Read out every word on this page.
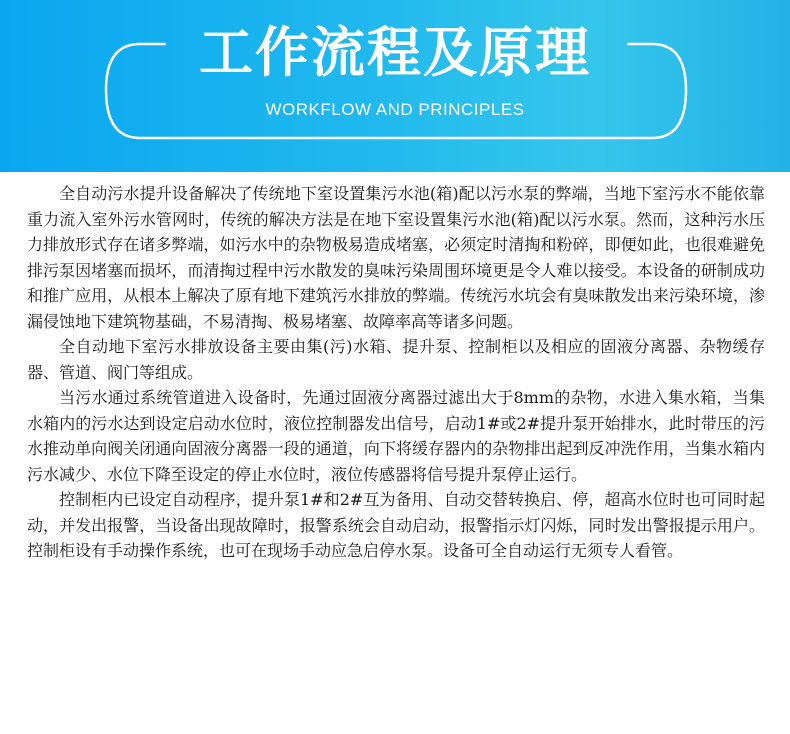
工作流程及原理
WORKFLOW AND PRINCIPLES

全自动污水提升设备解决了传统地下室设置集污水池(箱)配以污水泵的弊端，当地下室污水不能依靠重力流入室外污水管网时，传统的解决方法是在地下室设置集污水池(箱)配以污水泵。然而，这种污水压力排放形式存在诸多弊端，如污水中的杂物极易造成堵塞，必须定时清掏和粉碎，即便如此，也很难避免排污泵因堵塞而损坏，而清掏过程中污水散发的臭味污染周围环境更是令人难以接受。本设备的研制成功和推广应用，从根本上解决了原有地下建筑污水排放的弊端。传统污水坑会有臭味散发出来污染环境，渗漏侵蚀地下建筑物基础，不易清掏、极易堵塞、故障率高等诸多问题。

全自动地下室污水排放设备主要由集(污)水箱、提升泵、控制柜以及相应的固液分离器、杂物缓存器、管道、阀门等组成。

当污水通过系统管道进入设备时，先通过固液分离器过滤出大于8mm的杂物，水进入集水箱，当集水箱内的污水达到设定启动水位时，液位控制器发出信号，启动1#或2#提升泵开始排水，此时带压的污水推动单向阀关闭通向固液分离器一段的通道，向下将缓存器内的杂物排出起到反冲洗作用，当集水箱内污水减少、水位下降至设定的停止水位时，液位传感器将信号提升泵停止运行。

控制柜内已设定自动程序，提升泵1#和2#互为备用、自动交替转换启、停，超高水位时也可同时起动，并发出报警，当设备出现故障时，报警系统会自动启动，报警指示灯闪烁，同时发出警报提示用户。控制柜设有手动操作系统，也可在现场手动应急启停水泵。设备可全自动运行无须专人看管。
